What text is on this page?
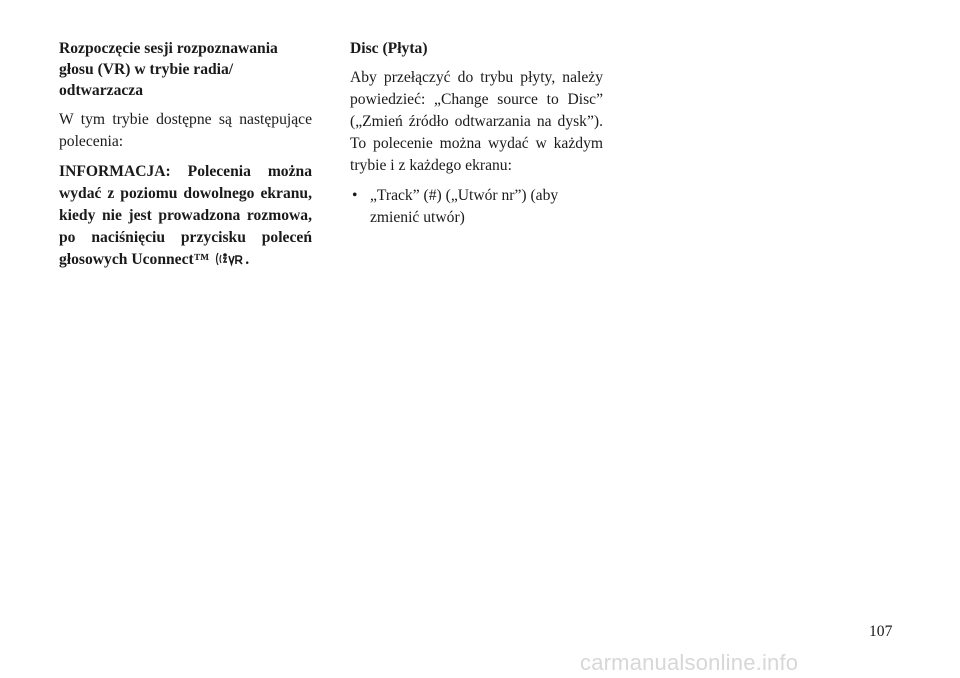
Rozpoczęcie sesji rozpoznawania głosu (VR) w trybie radia/ odtwarzacza

W tym trybie dostępne są następujące polecenia:

INFORMACJA: Polecenia można wydać z poziomu dowolnego ekranu, kiedy nie jest prowadzona rozmowa, po naciśnięciu przycisku poleceń głosowych Uconnect™ .

Disc (Płyta)

Aby przełączyć do trybu płyty, należy powiedzieć: „Change source to Disc” („Zmień źródło odtwarzania na dysk”). To polecenie można wydać w każdym trybie i z każdego ekranu:

• „Track” (#) („Utwór nr”) (aby zmienić utwór)
107
carmanualsonline.info
